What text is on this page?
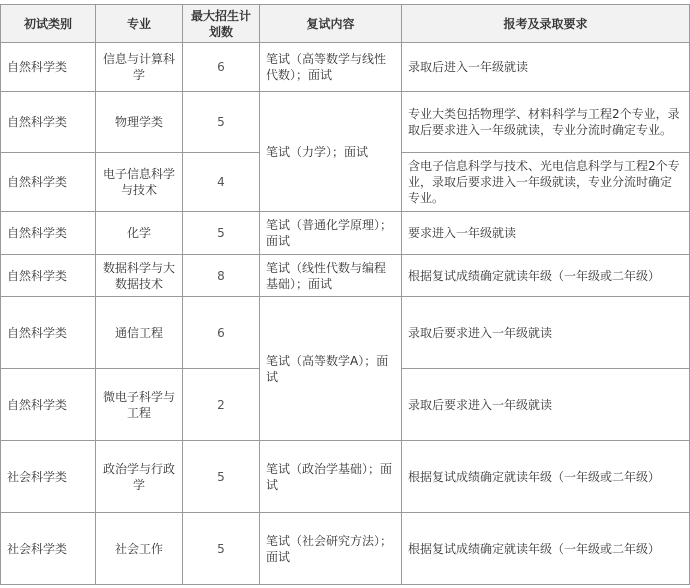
初试类别	专业	最大招生计划数	复试内容	报考及录取要求
自然科学类	信息与计算科学	6	笔试（高等数学与线性代数）；面试	录取后进入一年级就读
自然科学类	物理学类	5	笔试（力学）；面试	专业大类包括物理学、材料科学与工程2个专业，录取后要求进入一年级就读，专业分流时确定专业。
自然科学类	电子信息科学与技术	4		含电子信息科学与技术、光电信息科学与工程2个专业，录取后要求进入一年级就读，专业分流时确定专业。
自然科学类	化学	5	笔试（普通化学原理）；面试	要求进入一年级就读
自然科学类	数据科学与大数据技术	8	笔试（线性代数与编程基础）；面试	根据复试成绩确定就读年级（一年级或二年级）
自然科学类	通信工程	6	笔试（高等数学A）；面试	录取后要求进入一年级就读
自然科学类	微电子科学与工程	2		录取后要求进入一年级就读
社会科学类	政治学与行政学	5	笔试（政治学基础）；面试	根据复试成绩确定就读年级（一年级或二年级）
社会科学类	社会工作	5	笔试（社会研究方法）；面试	根据复试成绩确定就读年级（一年级或二年级）
